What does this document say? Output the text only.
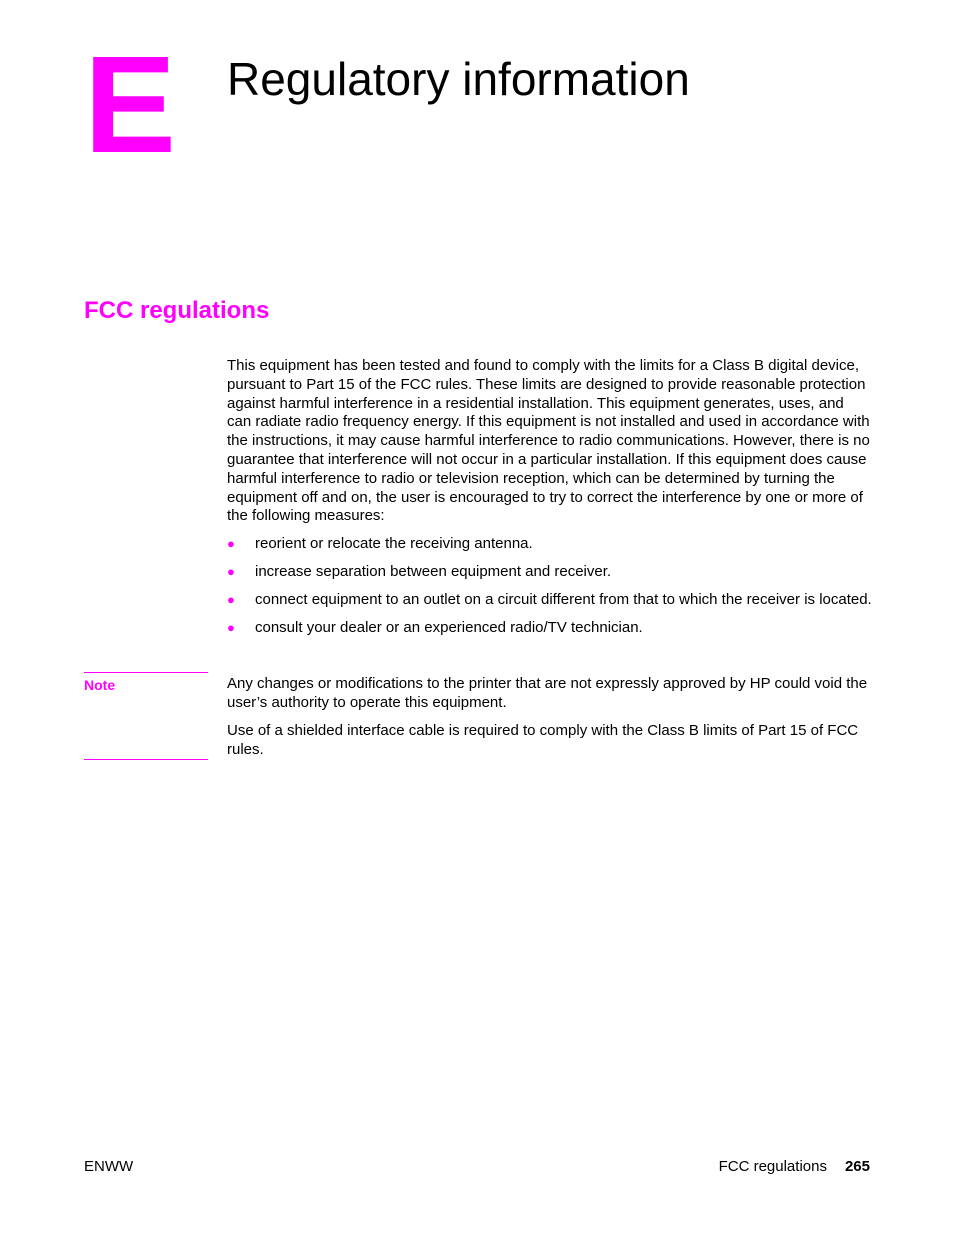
E Regulatory information
FCC regulations

This equipment has been tested and found to comply with the limits for a Class B digital device, pursuant to Part 15 of the FCC rules. These limits are designed to provide reasonable protection against harmful interference in a residential installation. This equipment generates, uses, and can radiate radio frequency energy. If this equipment is not installed and used in accordance with the instructions, it may cause harmful interference to radio communications. However, there is no guarantee that interference will not occur in a particular installation. If this equipment does cause harmful interference to radio or television reception, which can be determined by turning the equipment off and on, the user is encouraged to try to correct the interference by one or more of the following measures:

● reorient or relocate the receiving antenna.
● increase separation between equipment and receiver.
● connect equipment to an outlet on a circuit different from that to which the receiver is located.
● consult your dealer or an experienced radio/TV technician.
Note	Any changes or modifications to the printer that are not expressly approved by HP could void the user’s authority to operate this equipment.

Use of a shielded interface cable is required to comply with the Class B limits of Part 15 of FCC rules.

ENWW	FCC regulations 265
